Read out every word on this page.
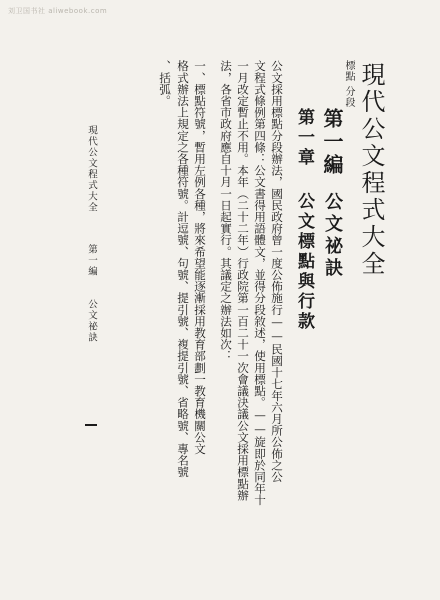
刘卫国书社 aliwebook.com
標點
分段 現代公文程式大全
第一編
公文祕訣
第一章
公文標點與行款
公文採用標點分段辦法，國民政府曾一度公佈施行——民國十七年六月所公佈之公
文程式條例第四條：公文書得用語體文，並得分段敘述，使用標點。——旋即於同年十
一月改定暫止不用。本年（二十二年）行政院第一百二十一次會議決議公文採用標點辦
法，各省市政府應自十月一日起實行。其議定之辦法如次：
一、標點符號，暫用左例各種，將來希望能逐漸採用教育部劃一教育機關公文
格式辦法上規定之各種符號。計逗號、句號、提引號、複提引號、省略號、專名號
、括弧。
現代公文程式大全 第一編 公文祕訣
